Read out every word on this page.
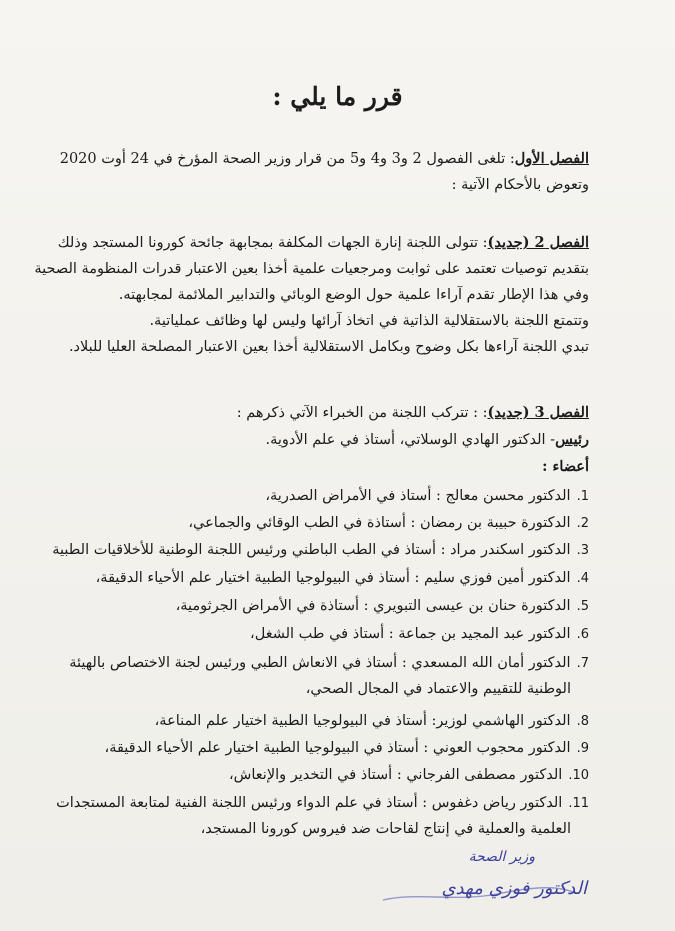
قرر ما يلي :
الفصل الأول: تلغى الفصول 2 و3 و4 و5 من قرار وزير الصحة المؤرخ في 24 أوت 2020
وتعوض بالأحكام الآتية :
الفصل 2 (جديد): تتولى اللجنة إنارة الجهات المكلفة بمجابهة جائحة كورونا المستجد وذلك
بتقديم توصيات تعتمد على ثوابت ومرجعيات علمية أخذا بعين الاعتبار قدرات المنظومة الصحية
وفي هذا الإطار تقدم آراءا علمية حول الوضع الوبائي والتدابير الملائمة لمجابهته.
وتتمتع اللجنة بالاستقلالية الذاتية في اتخاذ آرائها وليس لها وظائف عملياتية.
تبدي اللجنة آراءها بكل وضوح وبكامل الاستقلالية أخذا بعين الاعتبار المصلحة العليا للبلاد.
الفصل 3 (جديد): : تتركب اللجنة من الخبراء الآتي ذكرهم :
رئيس- الدكتور الهادي الوسلاتي، أستاذ في علم الأدوية.
أعضاء :
1.الدكتور محسن معالج : أستاذ في الأمراض الصدرية،
2.الدكتورة حبيبة بن رمضان : أستاذة في الطب الوقائي والجماعي،
3.الدكتور اسكندر مراد : أستاذ في الطب الباطني ورئيس اللجنة الوطنية للأخلاقيات الطبية
4.الدكتور أمين فوزي سليم : أستاذ في البيولوجيا الطبية اختيار علم الأحياء الدقيقة،
5.الدكتورة حنان بن عيسى التبويري : أستاذة في الأمراض الجرثومية،
6.الدكتور عبد المجيد بن جماعة : أستاذ في طب الشغل،
7.الدكتور أمان الله المسعدي : أستاذ في الانعاش الطبي ورئيس لجنة الاختصاص بالهيئة
الوطنية للتقييم والاعتماد في المجال الصحي،
8.الدكتور الهاشمي لوزير: أستاذ في البيولوجيا الطبية اختيار علم المناعة،
9.الدكتور محجوب العوني : أستاذ في البيولوجيا الطبية اختيار علم الأحياء الدقيقة،
10.الدكتور مصطفى الفرجاني : أستاذ في التخدير والإنعاش،
11.الدكتور رياض دغفوس : أستاذ في علم الدواء ورئيس اللجنة الفنية لمتابعة المستجدات
العلمية والعملية في إنتاج لقاحات ضد فيروس كورونا المستجد،
وزير الصحة
الدكتور فوزي مهدي
